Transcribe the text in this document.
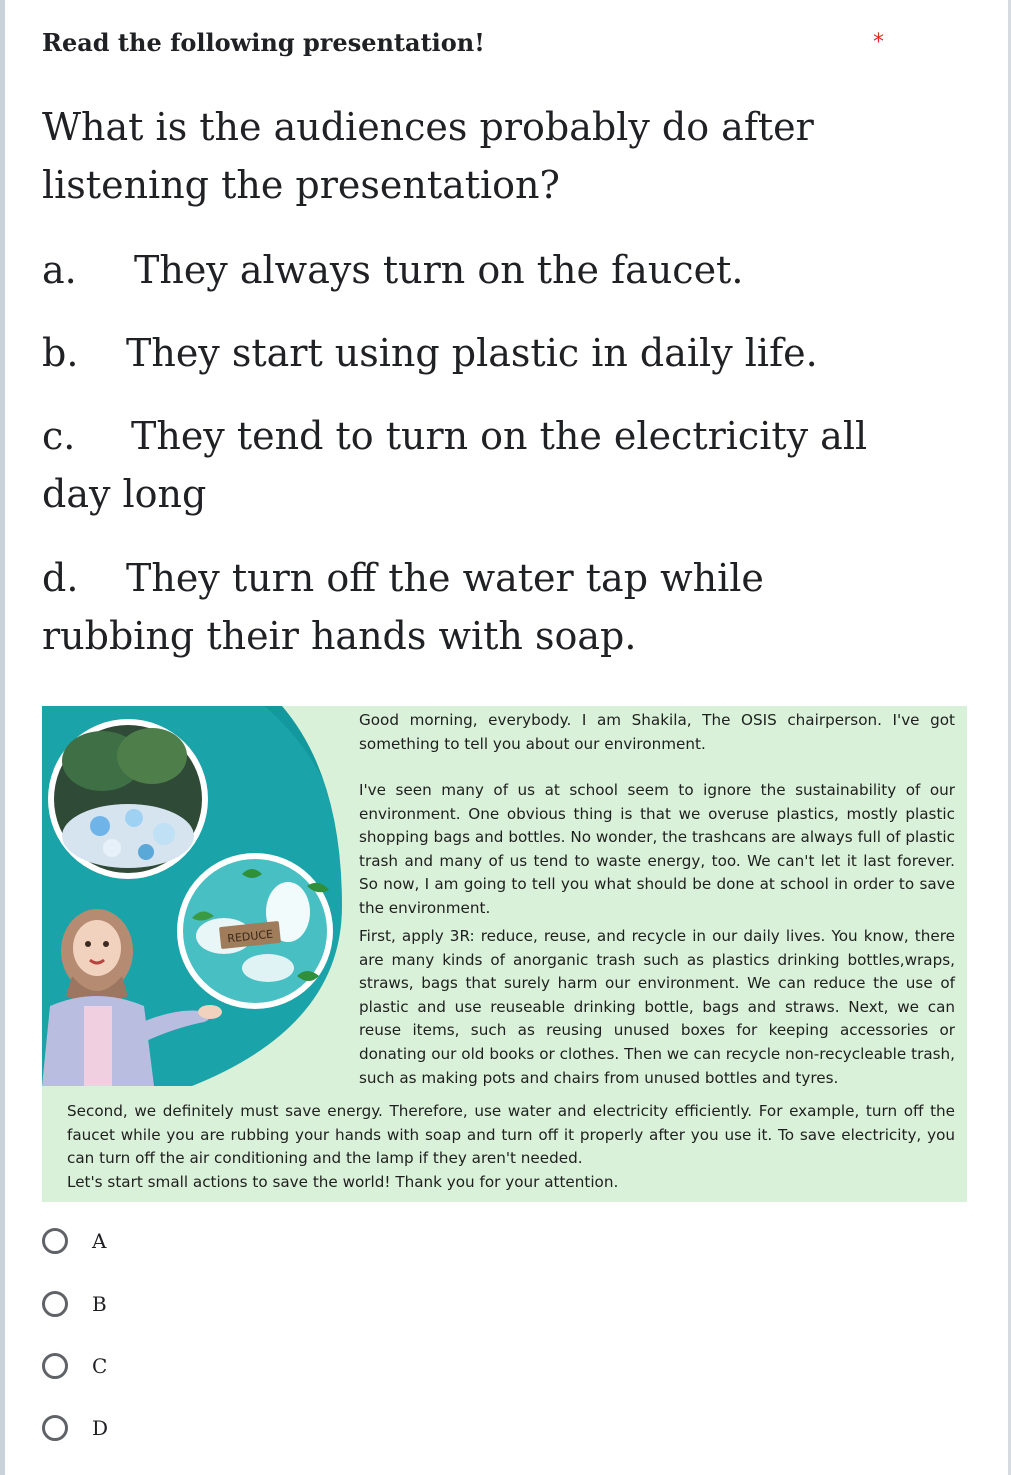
Read the following presentation!	*
What is the audiences probably do after listening the presentation?
a. They always turn on the faucet.
b. They start using plastic in daily life.
c. They tend to turn on the electricity all day long
d. They turn off the water tap while rubbing their hands with soap.
REDUCE

Good morning, everybody. I am Shakila, The OSIS chairperson. I've got something to tell you about our environment.

I've seen many of us at school seem to ignore the sustainability of our environment. One obvious thing is that we overuse plastics, mostly plastic shopping bags and bottles. No wonder, the trashcans are always full of plastic trash and many of us tend to waste energy, too. We can't let it last forever. So now, I am going to tell you what should be done at school in order to save the environment.

First, apply 3R: reduce, reuse, and recycle in our daily lives. You know, there are many kinds of anorganic trash such as plastics drinking bottles,wraps, straws, bags that surely harm our environment. We can reduce the use of plastic and use reuseable drinking bottle, bags and straws. Next, we can reuse items, such as reusing unused boxes for keeping accessories or donating our old books or clothes. Then we can recycle non-recycleable trash, such as making pots and chairs from unused bottles and tyres.

Second, we definitely must save energy. Therefore, use water and electricity efficiently. For example, turn off the faucet while you are rubbing your hands with soap and turn off it properly after you use it. To save electricity, you can turn off the air conditioning and the lamp if they aren't needed.

Let's start small actions to save the world! Thank you for your attention.

A
B
C
D
